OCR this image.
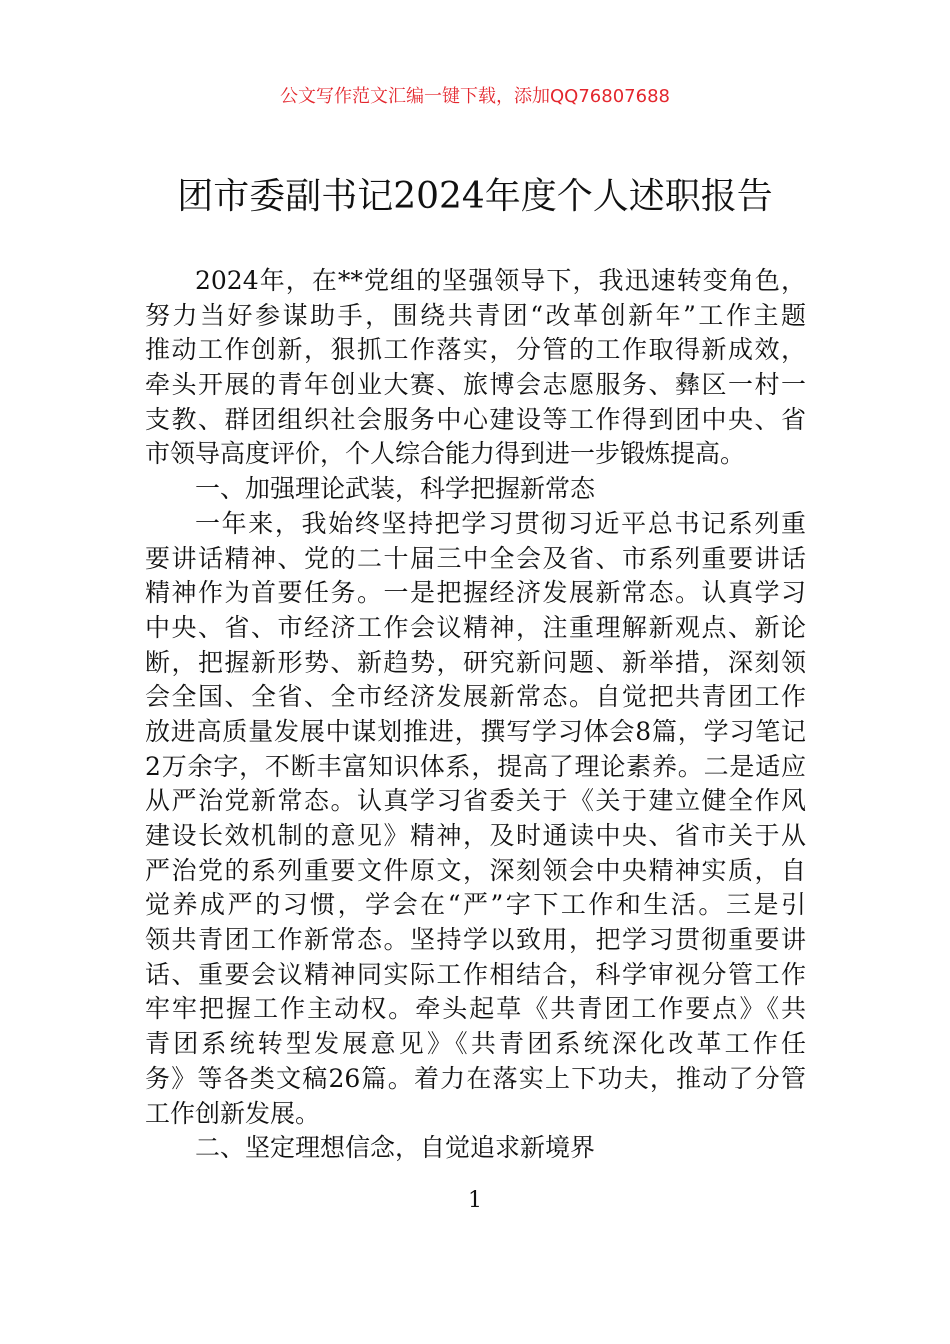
公文写作范文汇编一键下载，添加QQ76807688
团市委副书记2024年度个人述职报告
2024年，在**党组的坚强领导下，我迅速转变角色，
努力当好参谋助手，围绕共青团“改革创新年”工作主题
推动工作创新，狠抓工作落实，分管的工作取得新成效，
牵头开展的青年创业大赛、旅博会志愿服务、彝区一村一
支教、群团组织社会服务中心建设等工作得到团中央、省
市领导高度评价，个人综合能力得到进一步锻炼提高。
一、加强理论武装，科学把握新常态
一年来，我始终坚持把学习贯彻习近平总书记系列重
要讲话精神、党的二十届三中全会及省、市系列重要讲话
精神作为首要任务。一是把握经济发展新常态。认真学习
中央、省、市经济工作会议精神，注重理解新观点、新论
断，把握新形势、新趋势，研究新问题、新举措，深刻领
会全国、全省、全市经济发展新常态。自觉把共青团工作
放进高质量发展中谋划推进，撰写学习体会8篇，学习笔记
2万余字，不断丰富知识体系，提高了理论素养。二是适应
从严治党新常态。认真学习省委关于《关于建立健全作风
建设长效机制的意见》精神，及时通读中央、省市关于从
严治党的系列重要文件原文，深刻领会中央精神实质，自
觉养成严的习惯，学会在“严”字下工作和生活。三是引
领共青团工作新常态。坚持学以致用，把学习贯彻重要讲
话、重要会议精神同实际工作相结合，科学审视分管工作
牢牢把握工作主动权。牵头起草《共青团工作要点》《共
青团系统转型发展意见》《共青团系统深化改革工作任
务》等各类文稿26篇。着力在落实上下功夫，推动了分管
工作创新发展。
二、坚定理想信念，自觉追求新境界
1
